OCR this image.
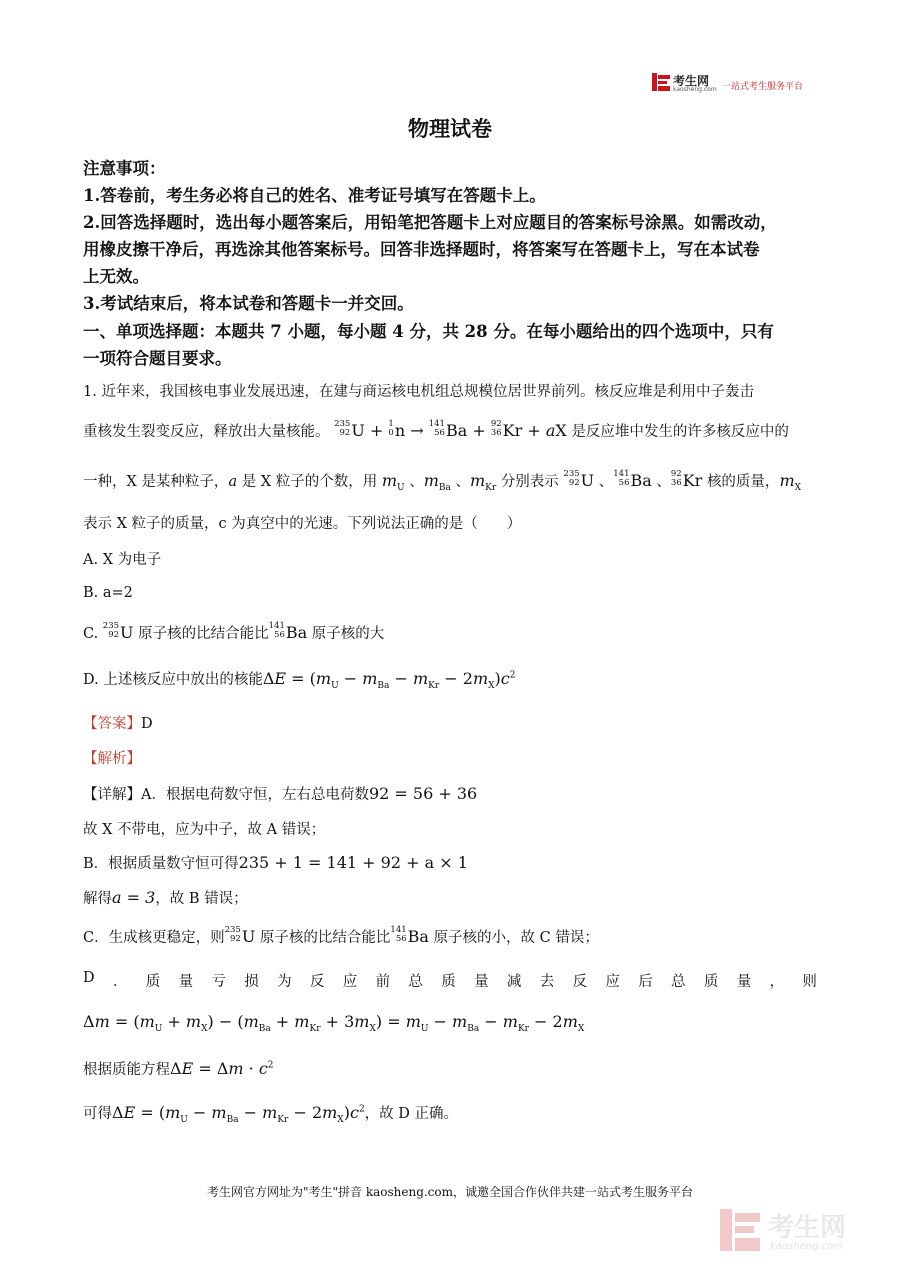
考生网
kaosheng.com 一站式考生服务平台
物理试卷
注意事项：
1.答卷前，考生务必将自己的姓名、准考证号填写在答题卡上。
2.回答选择题时，选出每小题答案后，用铅笔把答题卡上对应题目的答案标号涂黑。如需改动，
用橡皮擦干净后，再选涂其他答案标号。回答非选择题时，将答案写在答题卡上，写在本试卷
上无效。
3.考试结束后，将本试卷和答题卡一并交回。
一、单项选择题：本题共 7 小题，每小题 4 分，共 28 分。在每小题给出的四个选项中，只有
一项符合题目要求。
1. 近年来，我国核电事业发展迅速，在建与商运核电机组总规模位居世界前列。核反应堆是利用中子轰击
重核发生裂变反应，释放出大量核能。 235
92 U + 1
0 n → 141
56 Ba + 92
36 Kr + aX 是反应堆中发生的许多核反应中的
一种，X 是某种粒子，a 是 X 粒子的个数，用 $m_U$ 、$m_{Ba}$ 、$m_{Kr}$ 分别表示 235
92 U 、 141
56 Ba 、 92
36 Kr 核的质量，$m_X$
表示 X 粒子的质量，c 为真空中的光速。下列说法正确的是（　　）
A. X 为电子
B. a=2
C. 235
92 U 原子核的比结合能比 141
56 Ba 原子核的大
D. 上述核反应中放出的核能$\Delta E = (m_U - m_{Ba} - m_{Kr} - 2m_X)c^2$
【答案】D
【解析】
【详解】A．根据电荷数守恒，左右总电荷数92 = 56 + 36
故 X 不带电，应为中子，故 A 错误；
B．根据质量数守恒可得235 + 1 = 141 + 92 + a × 1
解得a = 3，故 B 错误；
C．生成核更稳定，则 235
92 U 原子核的比结合能比 141
56 Ba 原子核的小，故 C 错误；
D ． 质 量 亏 损 为 反 应 前 总 质 量 减 去 反 应 后 总 质 量 ， 则
$\Delta m = (m_U + m_X) - (m_{Ba} + m_{Kr} + 3m_X) = m_U - m_{Ba} - m_{Kr} - 2m_X$
根据质能方程$\Delta E = \Delta m \cdot c^2$
可得$\Delta E = (m_U - m_{Ba} - m_{Kr} - 2m_X)c^2$，故 D 正确。
考生网官方网址为"考生"拼音 kaosheng.com，诚邀全国合作伙伴共建一站式考生服务平台
考生网
kaosheng.com
